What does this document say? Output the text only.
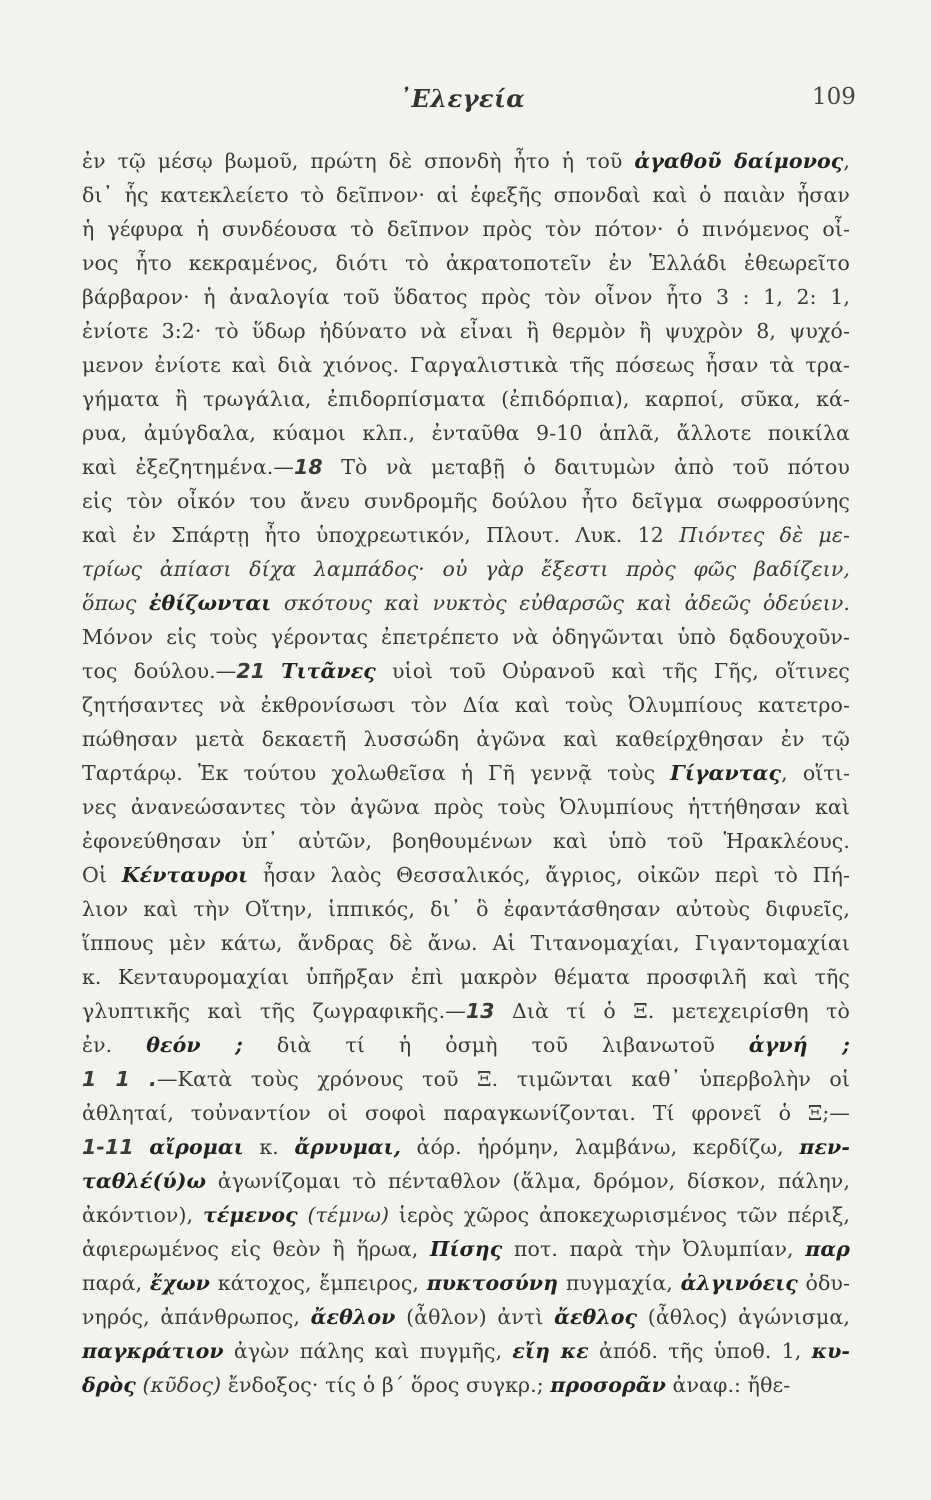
᾿Ελεγεία	109
ἐν τῷ μέσῳ βωμοῦ, πρώτη δὲ σπονδὴ ἦτο ἡ τοῦ ἀγαθοῦ δαίμονος,
δι᾽ ἧς κατεκλείετο τὸ δεῖπνον· αἱ ἐφεξῆς σπονδαὶ καὶ ὁ παιὰν ἦσαν
ἡ γέφυρα ἡ συνδέουσα τὸ δεῖπνον πρὸς τὸν πότον· ὁ πινόμενος οἶ-
νος ἦτο κεκραμένος, διότι τὸ ἀκρατοποτεῖν ἐν Ἑλλάδι ἐθεωρεῖτο
βάρβαρον· ἡ ἀναλογία τοῦ ὕδατος πρὸς τὸν οἶνον ἦτο 3 : 1, 2: 1,
ἐνίοτε 3:2· τὸ ὕδωρ ἠδύνατο νὰ εἶναι ἢ θερμὸν ἢ ψυχρὸν 8, ψυχό-
μενον ἐνίοτε καὶ διὰ χιόνος. Γαργαλιστικὰ τῆς πόσεως ἦσαν τὰ τρα-
γήματα ἢ τρωγάλια, ἐπιδορπίσματα (ἐπιδόρπια), καρποί, σῦκα, κά-
ρυα, ἀμύγδαλα, κύαμοι κλπ., ἐνταῦθα 9-10 ἁπλᾶ, ἄλλοτε ποικίλα
καὶ ἐξεζητημένα.—18 Τὸ νὰ μεταβῇ ὁ δαιτυμὼν ἀπὸ τοῦ πότου
εἰς τὸν οἶκόν του ἄνευ συνδρομῆς δούλου ἦτο δεῖγμα σωφροσύνης
καὶ ἐν Σπάρτῃ ἦτο ὑποχρεωτικόν, Πλουτ. Λυκ. 12 Πιόντες δὲ με-
τρίως ἀπίασι δίχα λαμπάδος· οὐ γὰρ ἔξεστι πρὸς φῶς βαδίζειν,
ὅπως ἐθίζωνται σκότους καὶ νυκτὸς εὐθαρσῶς καὶ ἀδεῶς ὁδεύειν.
Μόνον εἰς τοὺς γέροντας ἐπετρέπετο νὰ ὁδηγῶνται ὑπὸ δᾳδουχοῦν-
τος δούλου.—21 Τιτᾶνες υἱοὶ τοῦ Οὐρανοῦ καὶ τῆς Γῆς, οἵτινες
ζητήσαντες νὰ ἐκθρονίσωσι τὸν Δία καὶ τοὺς Ὀλυμπίους κατετρο-
πώθησαν μετὰ δεκαετῆ λυσσώδη ἀγῶνα καὶ καθείρχθησαν ἐν τῷ
Ταρτάρῳ. Ἐκ τούτου χολωθεῖσα ἡ Γῆ γεννᾷ τοὺς Γίγαντας, οἵτι-
νες ἀνανεώσαντες τὸν ἀγῶνα πρὸς τοὺς Ὀλυμπίους ἡττήθησαν καὶ
ἐφονεύθησαν ὑπ᾽ αὐτῶν, βοηθουμένων καὶ ὑπὸ τοῦ Ἡρακλέους.
Οἱ Κένταυροι ἦσαν λαὸς Θεσσαλικός, ἄγριος, οἰκῶν περὶ τὸ Πή-
λιον καὶ τὴν Οἴτην, ἱππικός, δι᾽ ὃ ἐφαντάσθησαν αὐτοὺς διφυεῖς,
ἵππους μὲν κάτω, ἄνδρας δὲ ἄνω. Αἱ Τιτανομαχίαι, Γιγαντομαχίαι
κ. Κενταυρομαχίαι ὑπῆρξαν ἐπὶ μακρὸν θέματα προσφιλῆ καὶ τῆς
γλυπτικῆς καὶ τῆς ζωγραφικῆς.—13 Διὰ τί ὁ Ξ. μετεχειρίσθη τὸ
ἐν. θεόν ; διὰ τί ἡ ὀσμὴ τοῦ λιβανωτοῦ ἁγνή ;
1 1 .—Κατὰ τοὺς χρόνους τοῦ Ξ. τιμῶνται καθ᾽ ὑπερβολὴν οἱ
ἀθληταί, τοὐναντίον οἱ σοφοὶ παραγκωνίζονται. Τί φρονεῖ ὁ Ξ;—
1-11 αἴρομαι κ. ἄρνυμαι, ἀόρ. ἠρόμην, λαμβάνω, κερδίζω, πεν-
ταθλέ(ύ)ω ἀγωνίζομαι τὸ πένταθλον (ἅλμα, δρόμον, δίσκον, πάλην,
ἀκόντιον), τέμενος (τέμνω) ἱερὸς χῶρος ἀποκεχωρισμένος τῶν πέριξ,
ἀφιερωμένος εἰς θεὸν ἢ ἥρωα, Πίσης ποτ. παρὰ τὴν Ὀλυμπίαν, παρ
παρά, ἔχων κάτοχος, ἔμπειρος, πυκτοσύνη πυγμαχία, ἀλγινόεις ὀδυ-
νηρός, ἀπάνθρωπος, ἄεθλον (ἆθλον) ἀντὶ ἄεθλος (ἆθλος) ἀγώνισμα,
παγκράτιον ἀγὼν πάλης καὶ πυγμῆς, εἴη κε ἀπόδ. τῆς ὑποθ. 1, κυ-
δρὸς (κῦδος) ἔνδοξος· τίς ὁ β´ ὅρος συγκρ.; προσορᾶν ἀναφ.: ἤθε-
